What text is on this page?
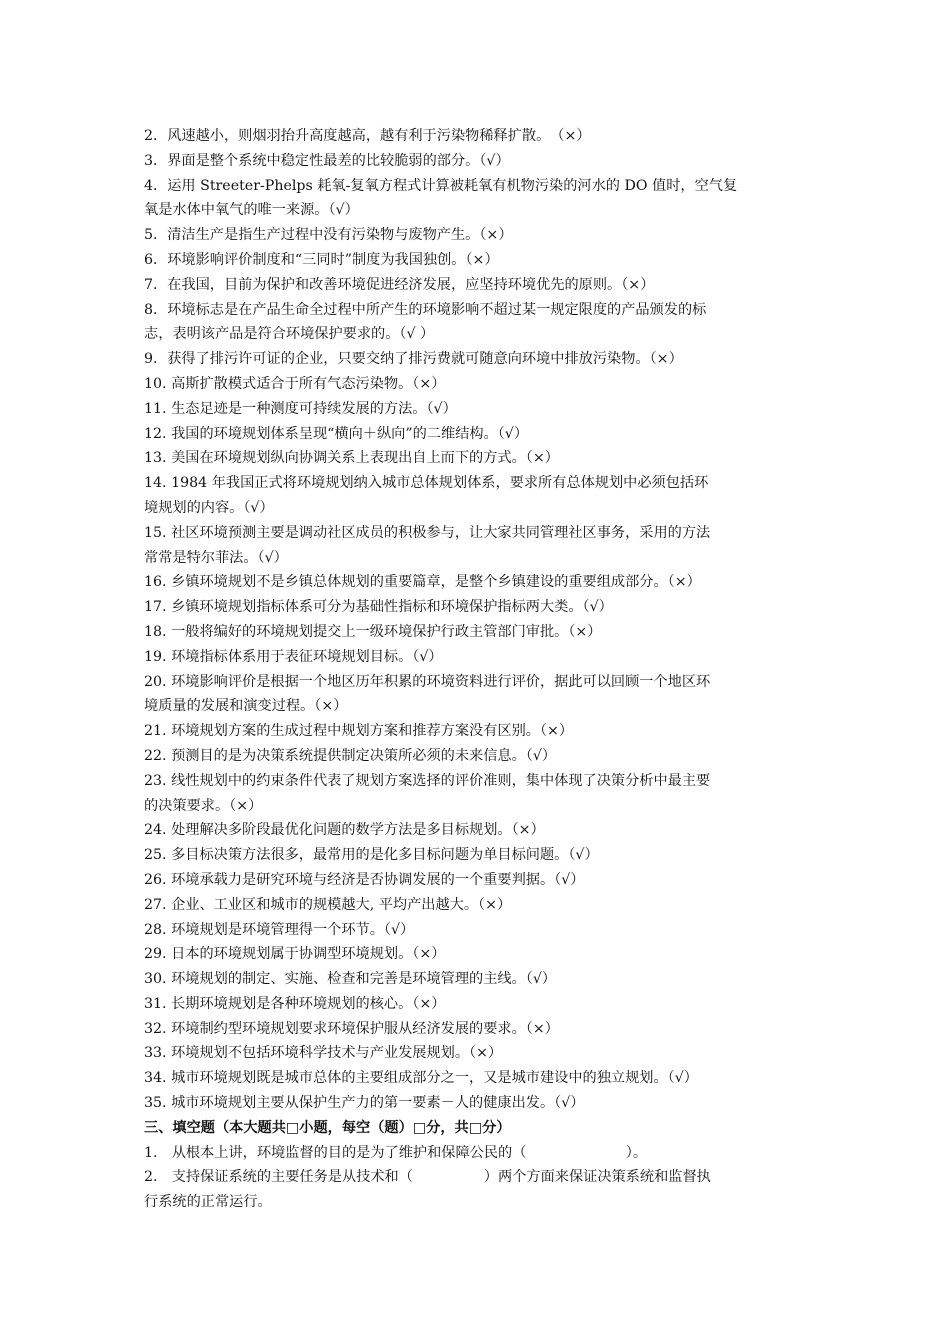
2．风速越小，则烟羽抬升高度越高，越有利于污染物稀释扩散。　（×）
3．界面是整个系统中稳定性最差的比较脆弱的部分。（√）
4．运用 Streeter-Phelps 耗氧-复氧方程式计算被耗氧有机物污染的河水的 DO 值时，空气复
氧是水体中氧气的唯一来源。（√）
5．清洁生产是指生产过程中没有污染物与废物产生。（×）
6．环境影响评价制度和“三同时”制度为我国独创。（×）
7．在我国，目前为保护和改善环境促进经济发展，应坚持环境优先的原则。（×）
8．环境标志是在产品生命全过程中所产生的环境影响不超过某一规定限度的产品颁发的标
志，表明该产品是符合环境保护要求的。（√ ）
9．获得了排污许可证的企业，只要交纳了排污费就可随意向环境中排放污染物。（×）
10. 高斯扩散模式适合于所有气态污染物。（×）
11. 生态足迹是一种测度可持续发展的方法。（√）
12. 我国的环境规划体系呈现“横向＋纵向”的二维结构。（√）
13. 美国在环境规划纵向协调关系上表现出自上而下的方式。（×）
14. 1984 年我国正式将环境规划纳入城市总体规划体系，要求所有总体规划中必须包括环
境规划的内容。（√）
15. 社区环境预测主要是调动社区成员的积极参与，让大家共同管理社区事务，采用的方法
常常是特尔菲法。（√）
16. 乡镇环境规划不是乡镇总体规划的重要篇章，是整个乡镇建设的重要组成部分。（×）
17. 乡镇环境规划指标体系可分为基础性指标和环境保护指标两大类。（√）
18. 一般将编好的环境规划提交上一级环境保护行政主管部门审批。（×）
19. 环境指标体系用于表征环境规划目标。（√）
20. 环境影响评价是根据一个地区历年积累的环境资料进行评价，据此可以回顾一个地区环
境质量的发展和演变过程。（×）
21. 环境规划方案的生成过程中规划方案和推荐方案没有区别。（×）
22. 预测目的是为决策系统提供制定决策所必须的未来信息。（√）
23. 线性规划中的约束条件代表了规划方案选择的评价准则，集中体现了决策分析中最主要
的决策要求。（×）
24. 处理解决多阶段最优化问题的数学方法是多目标规划。（×）
25. 多目标决策方法很多，最常用的是化多目标问题为单目标问题。（√）
26. 环境承载力是研究环境与经济是否协调发展的一个重要判据。（√）
27. 企业、工业区和城市的规模越大, 平均产出越大。（×）
28. 环境规划是环境管理得一个环节。（√）
29. 日本的环境规划属于协调型环境规划。（×）
30. 环境规划的制定、实施、检查和完善是环境管理的主线。（√）
31. 长期环境规划是各种环境规划的核心。（×）
32. 环境制约型环境规划要求环境保护服从经济发展的要求。（×）
33. 环境规划不包括环境科学技术与产业发展规划。（×）
34. 城市环境规划既是城市总体的主要组成部分之一，又是城市建设中的独立规划。（√）
35. 城市环境规划主要从保护生产力的第一要素－人的健康出发。（√）
三、填空题（本大题共□小题，每空（题）□分，共□分）
1.　从根本上讲，环境监督的目的是为了维护和保障公民的（　　　　　　　）。
2.　支持保证系统的主要任务是从技术和（　　　　　）两个方面来保证决策系统和监督执
行系统的正常运行。
